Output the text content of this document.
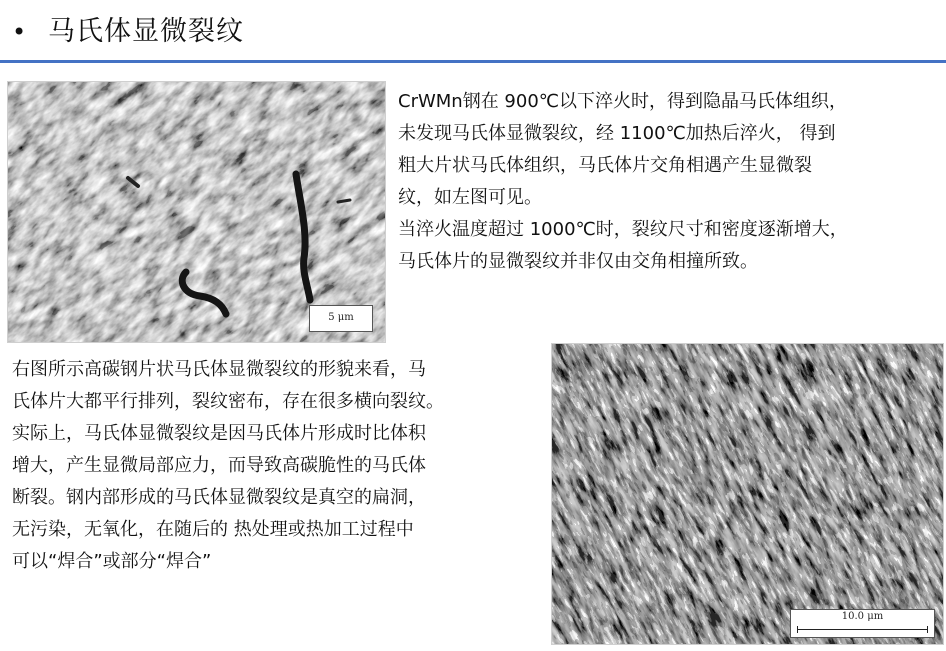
• 马氏体显微裂纹
5 μm

CrWMn钢在 900℃以下淬火时，得到隐晶马氏体组织，

未发现马氏体显微裂纹，经 1100℃加热后淬火， 得到

粗大片状马氏体组织，马氏体片交角相遇产生显微裂

纹，如左图可见。

当淬火温度超过 1000℃时，裂纹尺寸和密度逐渐增大，

马氏体片的显微裂纹并非仅由交角相撞所致。

右图所示高碳钢片状马氏体显微裂纹的形貌来看，马

氏体片大都平行排列，裂纹密布，存在很多横向裂纹。

实际上，马氏体显微裂纹是因马氏体片形成时比体积

增大，产生显微局部应力，而导致高碳脆性的马氏体

断裂。钢内部形成的马氏体显微裂纹是真空的扁洞，

无污染，无氧化，在随后的 热处理或热加工过程中

可以“焊合”或部分“焊合”

10.0 μm
